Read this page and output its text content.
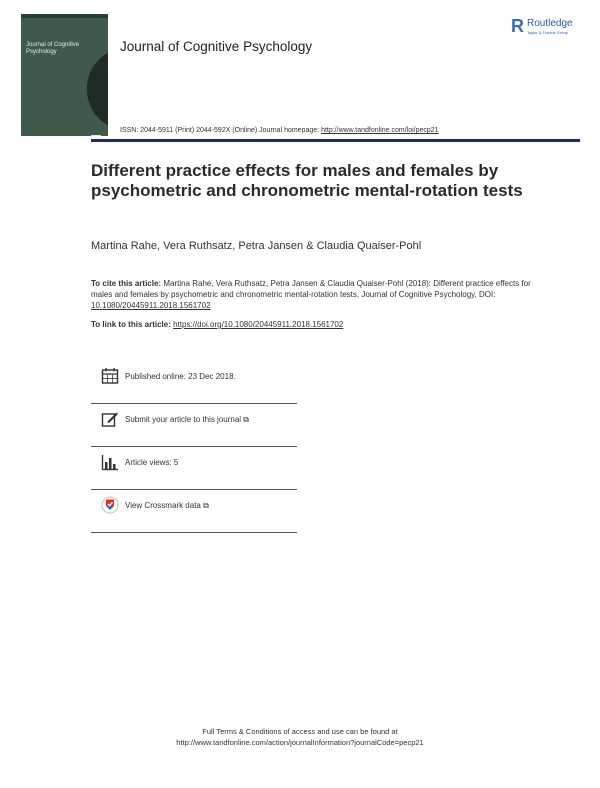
Journal of Cognitive Psychology	Journal of Cognitive Psychology
R Routledge
Taylor & Francis Group
ISSN: 2044-5911 (Print) 2044-592X (Online) Journal homepage: http://www.tandfonline.com/loi/pecp21
Different practice effects for males and females by psychometric and chronometric mental-rotation tests
Martina Rahe, Vera Ruthsatz, Petra Jansen & Claudia Quaiser-Pohl
To cite this article: Martina Rahe, Vera Ruthsatz, Petra Jansen & Claudia Quaiser-Pohl (2018): Different practice effects for males and females by psychometric and chronometric mental-rotation tests, Journal of Cognitive Psychology, DOI: 10.1080/20445911.2018.1561702
To link to this article: https://doi.org/10.1080/20445911.2018.1561702
Published online: 23 Dec 2018.
Submit your article to this journal ⧉
Article views: 5
View Crossmark data ⧉
Full Terms & Conditions of access and use can be found at
http://www.tandfonline.com/action/journalInformation?journalCode=pecp21
